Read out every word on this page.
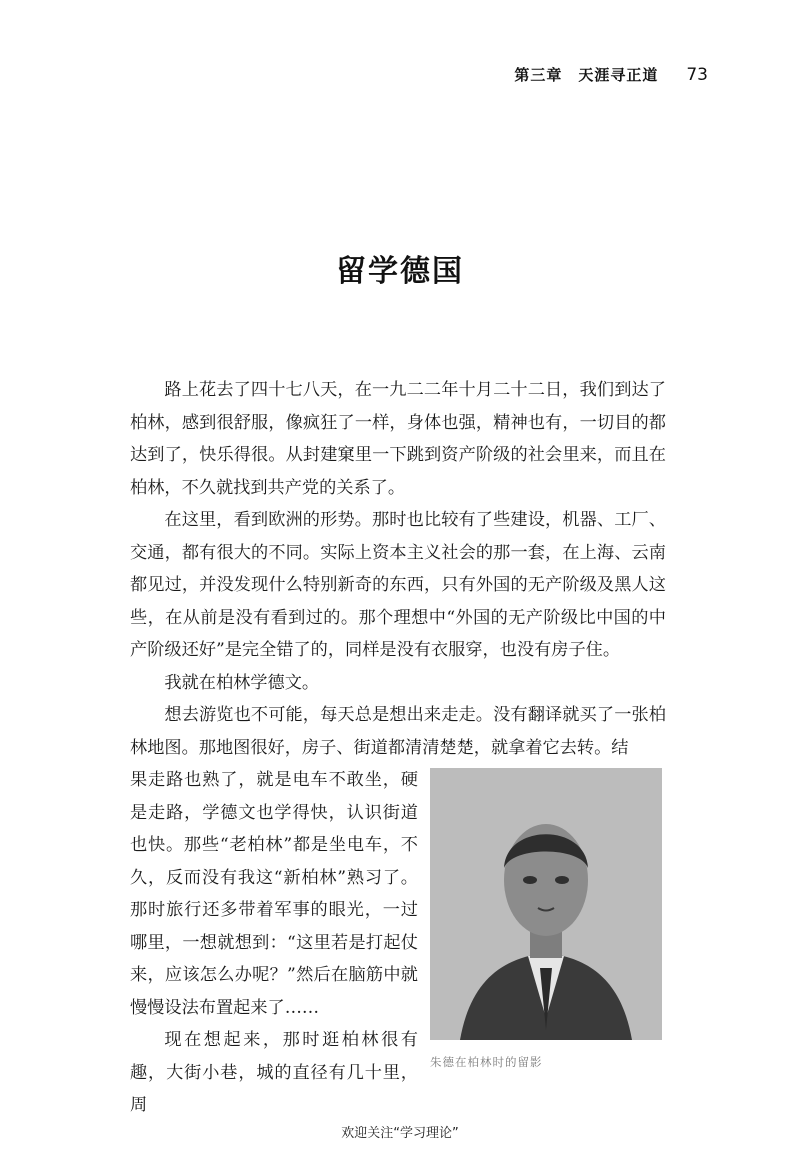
第三章　天涯寻正道 73
留学德国

路上花去了四十七八天，在一九二二年十月二十二日，我们到达了柏林，感到很舒服，像疯狂了一样，身体也强，精神也有，一切目的都达到了，快乐得很。从封建窠里一下跳到资产阶级的社会里来，而且在柏林，不久就找到共产党的关系了。

在这里，看到欧洲的形势。那时也比较有了些建设，机器、工厂、交通，都有很大的不同。实际上资本主义社会的那一套，在上海、云南都见过，并没发现什么特别新奇的东西，只有外国的无产阶级及黑人这些，在从前是没有看到过的。那个理想中“外国的无产阶级比中国的中产阶级还好”是完全错了的，同样是没有衣服穿，也没有房子住。

我就在柏林学德文。

想去游览也不可能，每天总是想出来走走。没有翻译就买了一张柏林地图。那地图很好，房子、街道都清清楚楚，就拿着它去转。结

果走路也熟了，就是电车不敢坐，硬是走路，学德文也学得快，认识街道也快。那些“老柏林”都是坐电车，不久，反而没有我这“新柏林”熟习了。那时旅行还多带着军事的眼光，一过哪里，一想就想到：“这里若是打起仗来，应该怎么办呢？”然后在脑筋中就慢慢设法布置起来了……

现在想起来，那时逛柏林很有趣，大街小巷，城的直径有几十里，周

朱德在柏林时的留影
欢迎关注“学习理论”
